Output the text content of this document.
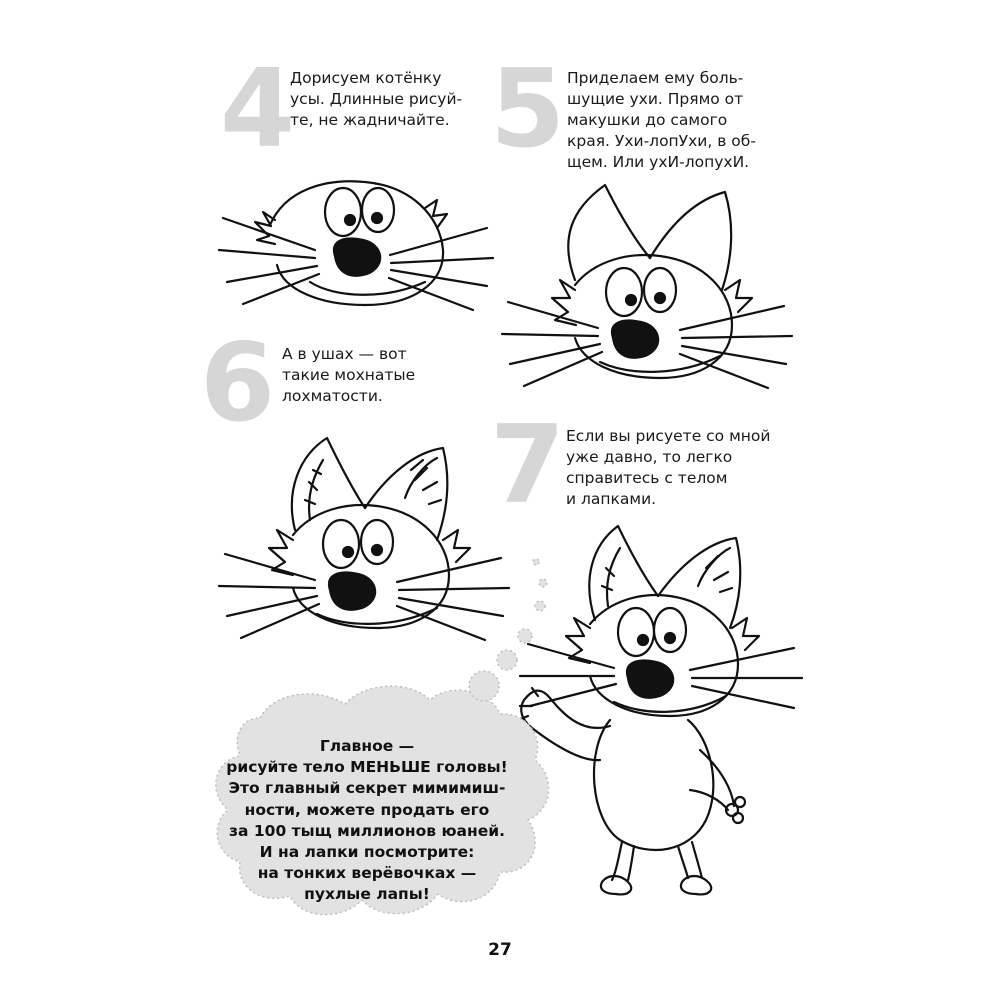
4
Дорисуем котёнку
усы. Длинные рисуй-
те, не жадничайте. 5 Приделаем ему боль-
шущие ухи. Прямо от
макушки до самого
края. Ухи-лопУхи, в об-
щем. Или ухИ-лопухИ.
6 А в ушах — вот
такие мохнатые
лохматости.
7 Если вы рисуете со мной
уже давно, то легко
справитесь с телом
и лапками.
Главное —
рисуйте тело МЕНЬШЕ головы!
Это главный секрет мимимиш-
ности, можете продать его
за 100 тыщ миллионов юаней.
И на лапки посмотрите:
на тонких верёвочках —
пухлые лапы!
27
